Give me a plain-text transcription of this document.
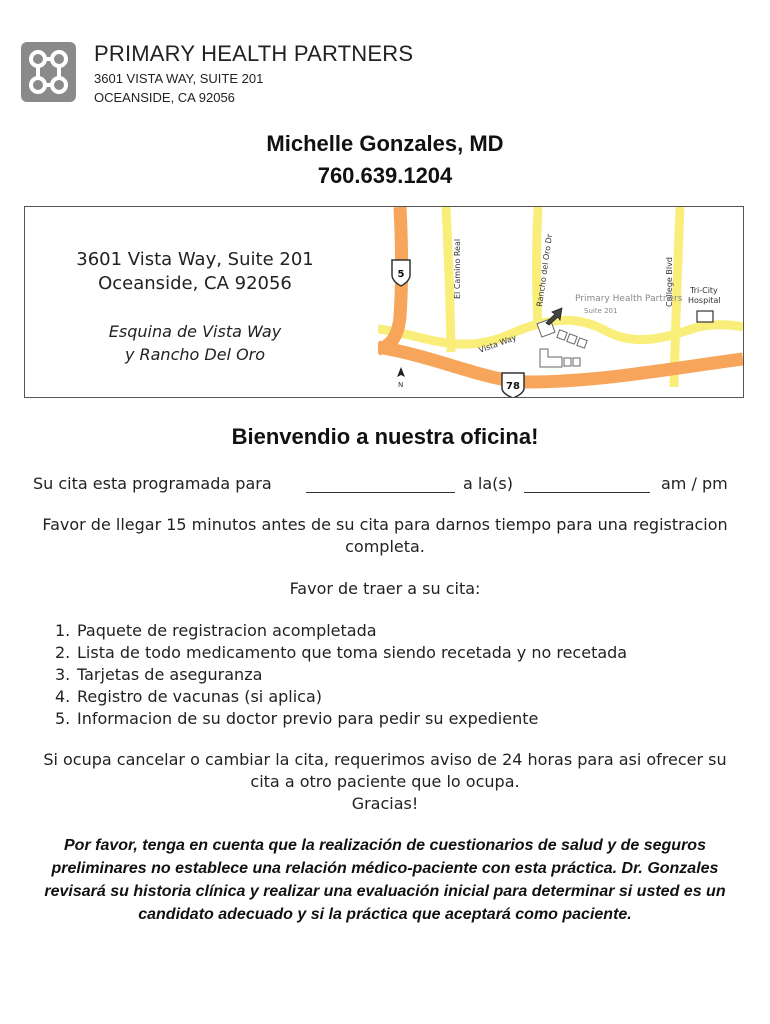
PRIMARY HEALTH PARTNERS
3601 VISTA WAY, SUITE 201
OCEANSIDE, CA 92056
Michelle Gonzales, MD
760.639.1204
3601 Vista Way, Suite 201
Oceanside, CA 92056
Esquina de Vista Way
y Rancho Del Oro
5
78
El Camino Real	Rancho del Oro Dr	College Blvd
Vista Way
Primary Health Partners
Suite 201
Tri-City
Hospital
N
Bienvendio a nuestra oficina!
Su cita esta programada para	a la(s)	am / pm
Favor de llegar 15 minutos antes de su cita para darnos tiempo para una registracion completa.
Favor de traer a su cita:
1. Paquete de registracion acompletada
2. Lista de todo medicamento que toma siendo recetada y no recetada
3. Tarjetas de aseguranza
4. Registro de vacunas (si aplica)
5. Informacion de su doctor previo para pedir su expediente
Si ocupa cancelar o cambiar la cita, requerimos aviso de 24 horas para asi ofrecer su cita a otro paciente que lo ocupa.
Gracias!
Por favor, tenga en cuenta que la realización de cuestionarios de salud y de seguros preliminares no establece una relación médico-paciente con esta práctica. Dr. Gonzales revisará su historia clínica y realizar una evaluación inicial para determinar si usted es un candidato adecuado y si la práctica que aceptará como paciente.
